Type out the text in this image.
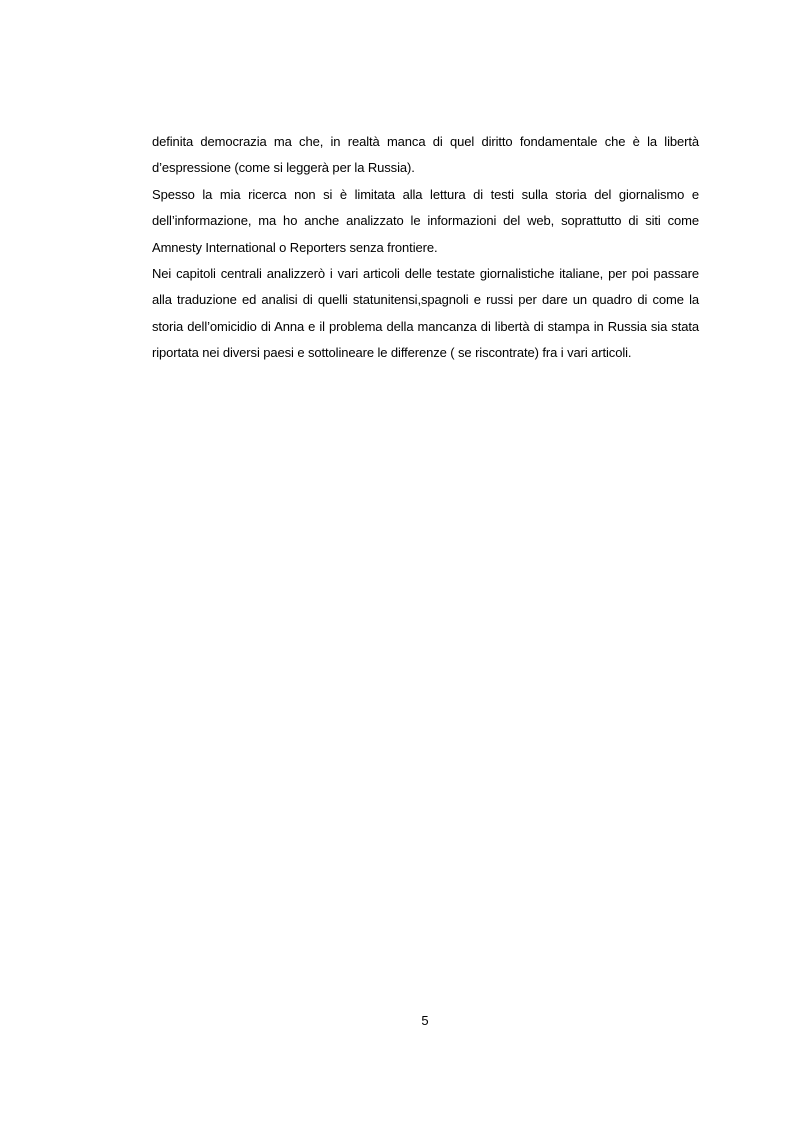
definita democrazia ma che, in realtà manca di quel diritto fondamentale che è la libertà d’espressione (come si leggerà per la Russia).

Spesso la mia ricerca non si è limitata alla lettura di testi sulla storia del giornalismo e dell’informazione, ma ho anche analizzato le informazioni del web, soprattutto di siti come Amnesty International o Reporters senza frontiere.

Nei capitoli centrali analizzerò i vari articoli delle testate giornalistiche italiane, per poi passare alla traduzione ed analisi di quelli statunitensi,spagnoli e russi per dare un quadro di come la storia dell’omicidio di Anna e il problema della mancanza di libertà di stampa in Russia sia stata riportata nei diversi paesi e sottolineare le differenze ( se riscontrate) fra i vari articoli.

5
